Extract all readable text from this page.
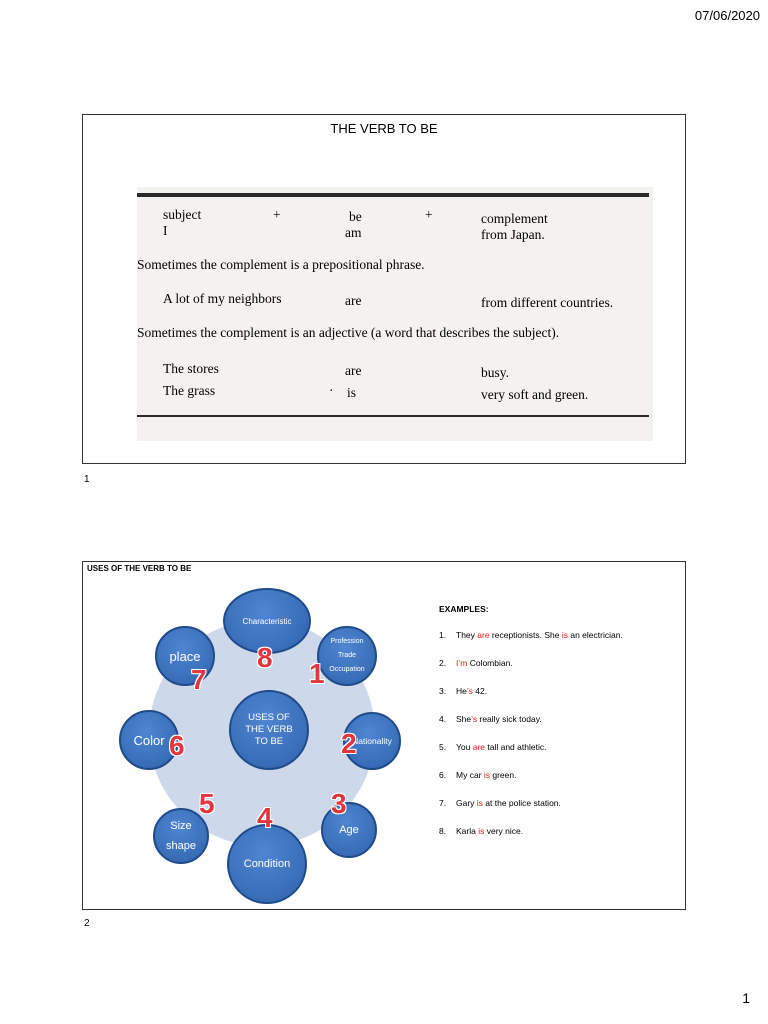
07/06/2020
THE VERB TO BE
subject	+	be	+	complement
I	am	from Japan.
Sometimes the complement is a prepositional phrase.
A lot of my neighbors	are	from different countries.
Sometimes the complement is an adjective (a word that describes the subject).
The stores	are	busy.
The grass	· is	very soft and green.
1
USES OF THE VERB TO BE
USES OF
THE VERB
TO BE
Characteristic
Profession
Trade
Occupation
Nationality
Age
Condition
Size
shape
Color
place
1
2
3
4
5
6
7
8
EXAMPLES:
1. They are receptionists. She is an electrician.
2. I’m Colombian.
3. He’s 42.
4. She’s really sick today.
5. You are tall and athletic.
6. My car is green.
7. Gary is at the police station.
8. Karla is very nice.
2
1
